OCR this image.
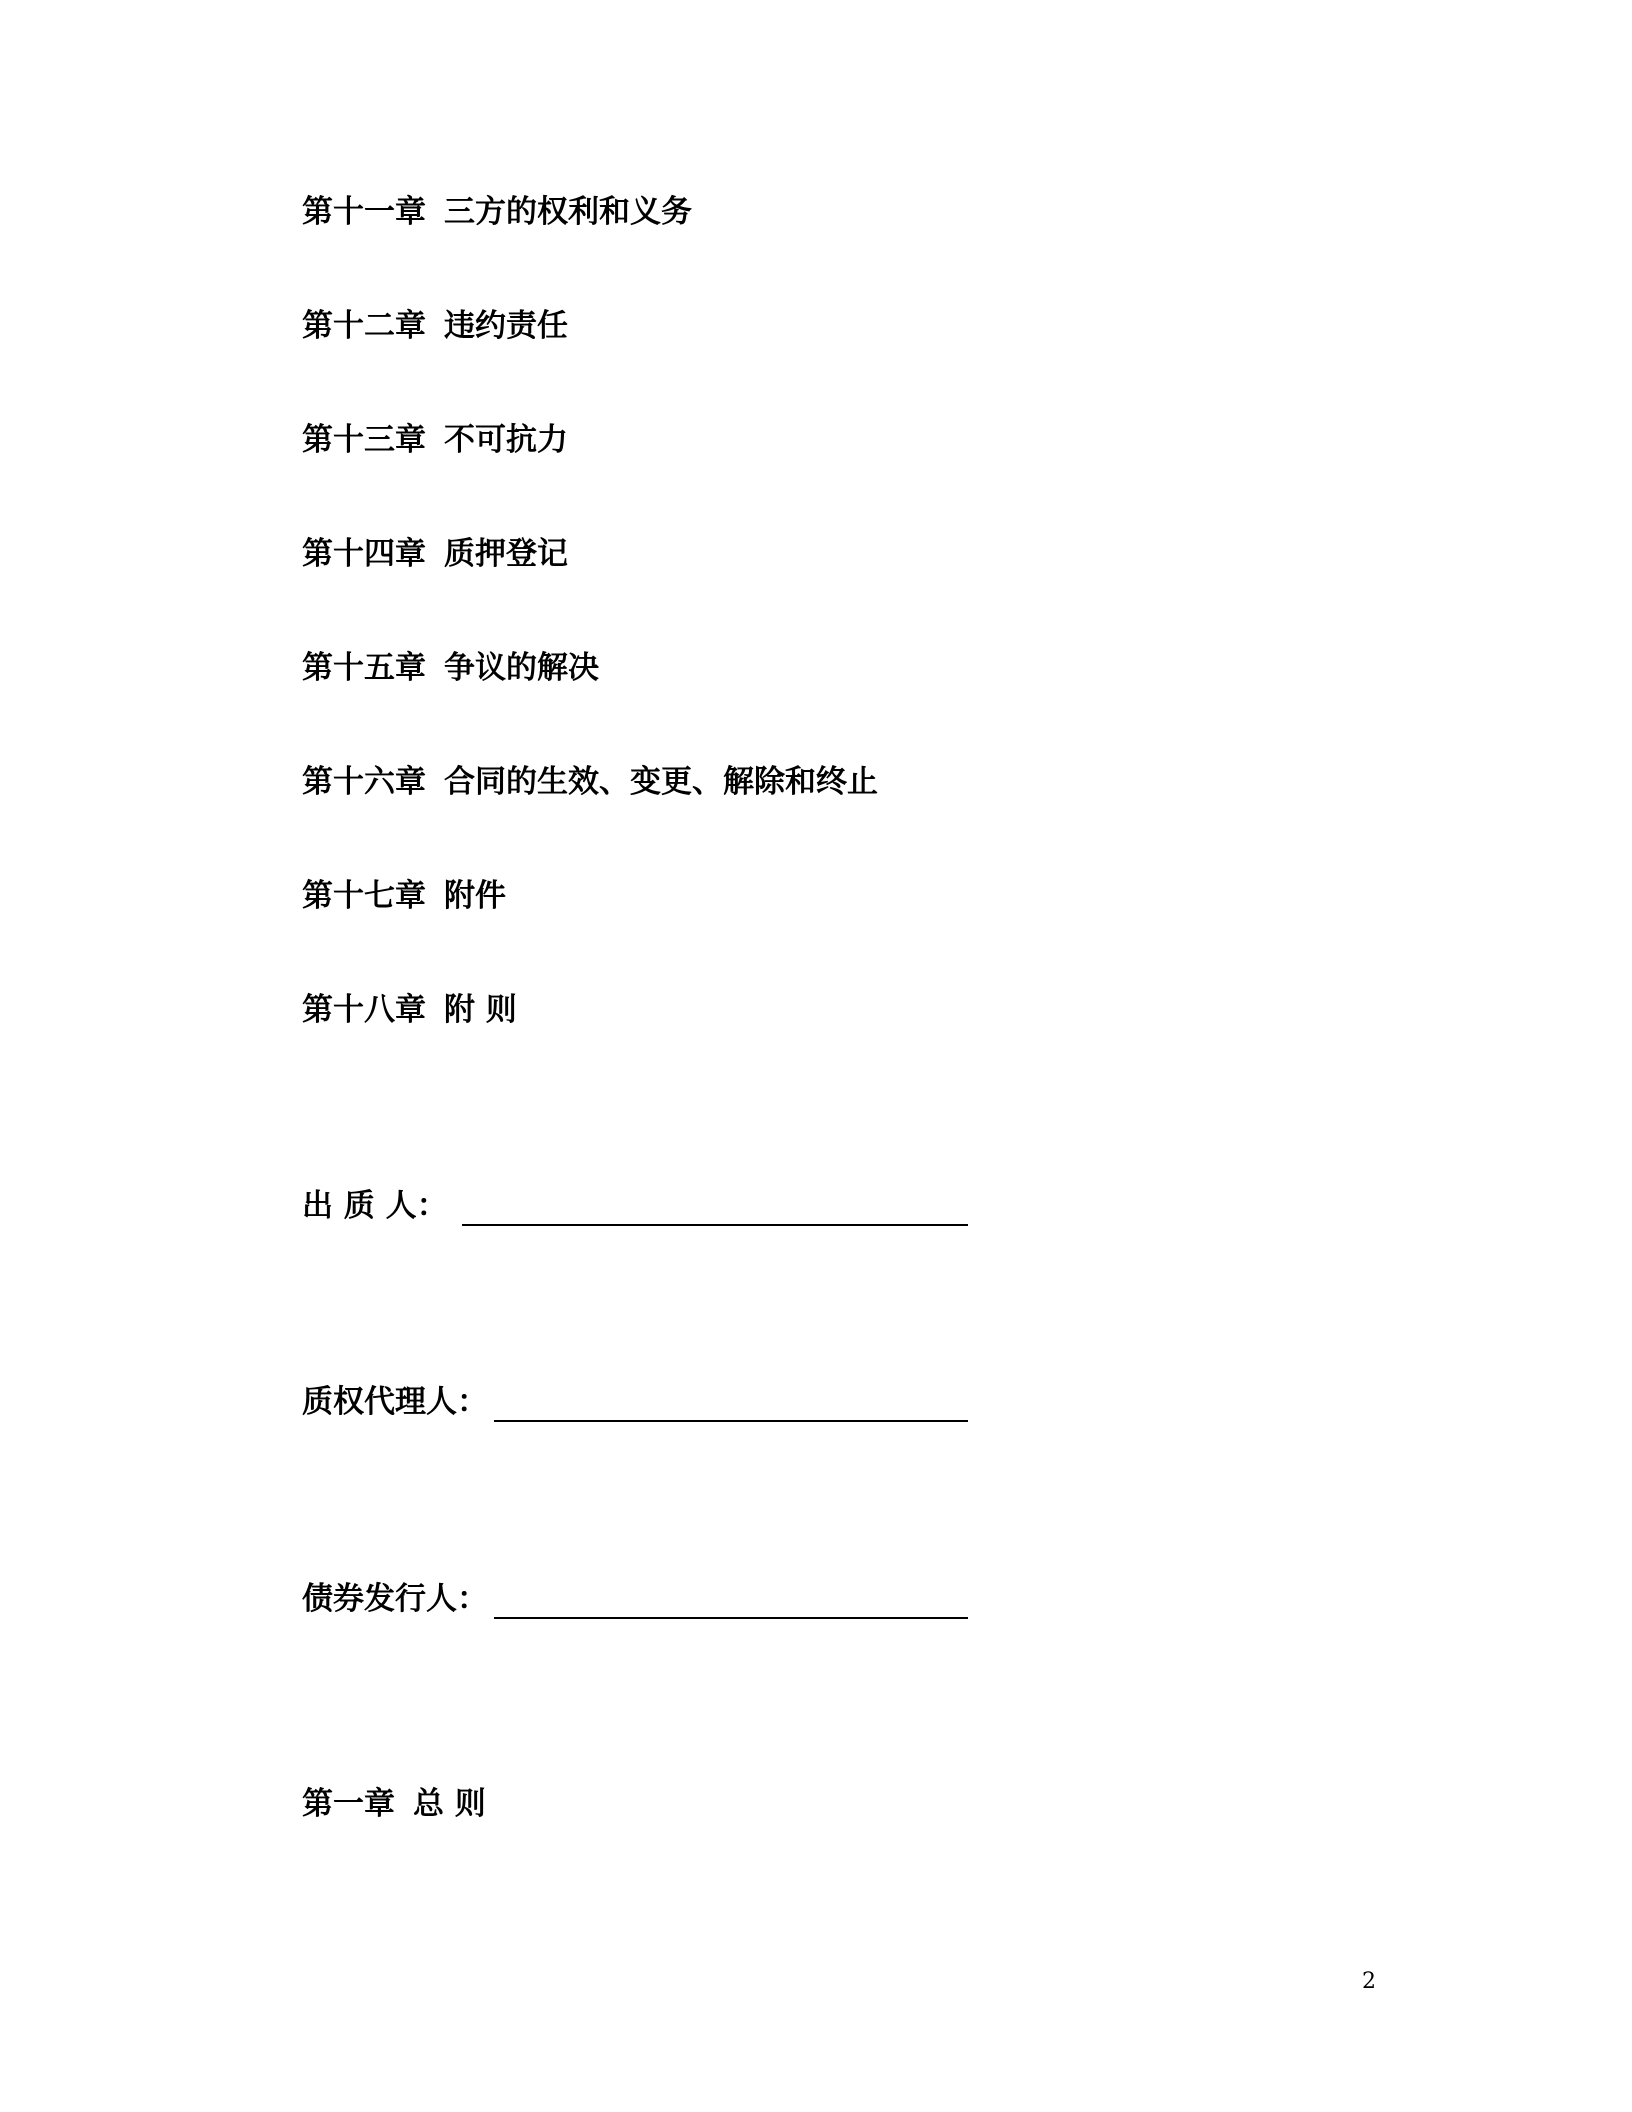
第十一章 三方的权利和义务
第十二章 违约责任
第十三章 不可抗力
第十四章 质押登记
第十五章 争议的解决
第十六章 合同的生效、变更、解除和终止
第十七章 附件
第十八章 附 则
出 质 人：
质权代理人：
债券发行人：
第一章 总 则
2
